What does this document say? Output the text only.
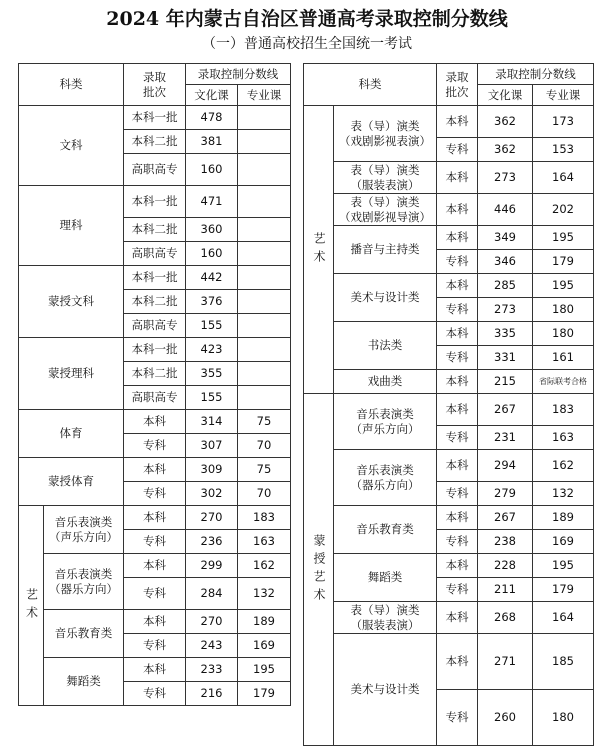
2024 年内蒙古自治区普通高考录取控制分数线
（一）普通高校招生全国统一考试
科类		录取
批次	录取控制分数线	
			文化课	专业课
文科		本科一批	478	
		本科二批	381	
		高职高专	160	
理科		本科一批	471	
		本科二批	360	
		高职高专	160	
蒙授文科		本科一批	442	
		本科二批	376	
		高职高专	155	
蒙授理科		本科一批	423	
		本科二批	355	
		高职高专	155	
体育		本科	314	75
		专科	307	70
蒙授体育		本科	309	75
		专科	302	70
艺术	音乐表演类
（声乐方向）	本科	270	183
		专科	236	163
	音乐表演类
（器乐方向）	本科	299	162
		专科	284	132
	音乐教育类	本科	270	189
		专科	243	169
	舞蹈类	本科	233	195
		专科	216	179
科类		录取
批次	录取控制分数线	
			文化课	专业课
艺术	表（导）演类
（戏剧影视表演）	本科	362	173
		专科	362	153
	表（导）演类
（服装表演）	本科	273	164
	表（导）演类
（戏剧影视导演）	本科	446	202
	播音与主持类	本科	349	195
		专科	346	179
	美术与设计类	本科	285	195
		专科	273	180
	书法类	本科	335	180
		专科	331	161
	戏曲类	本科	215	省际联考合格
蒙授艺术	音乐表演类
（声乐方向）	本科	267	183
		专科	231	163
	音乐表演类
（器乐方向）	本科	294	162
		专科	279	132
	音乐教育类	本科	267	189
		专科	238	169
	舞蹈类	本科	228	195
		专科	211	179
	表（导）演类
（服装表演）	本科	268	164
	美术与设计类	本科	271	185
		专科	260	180
